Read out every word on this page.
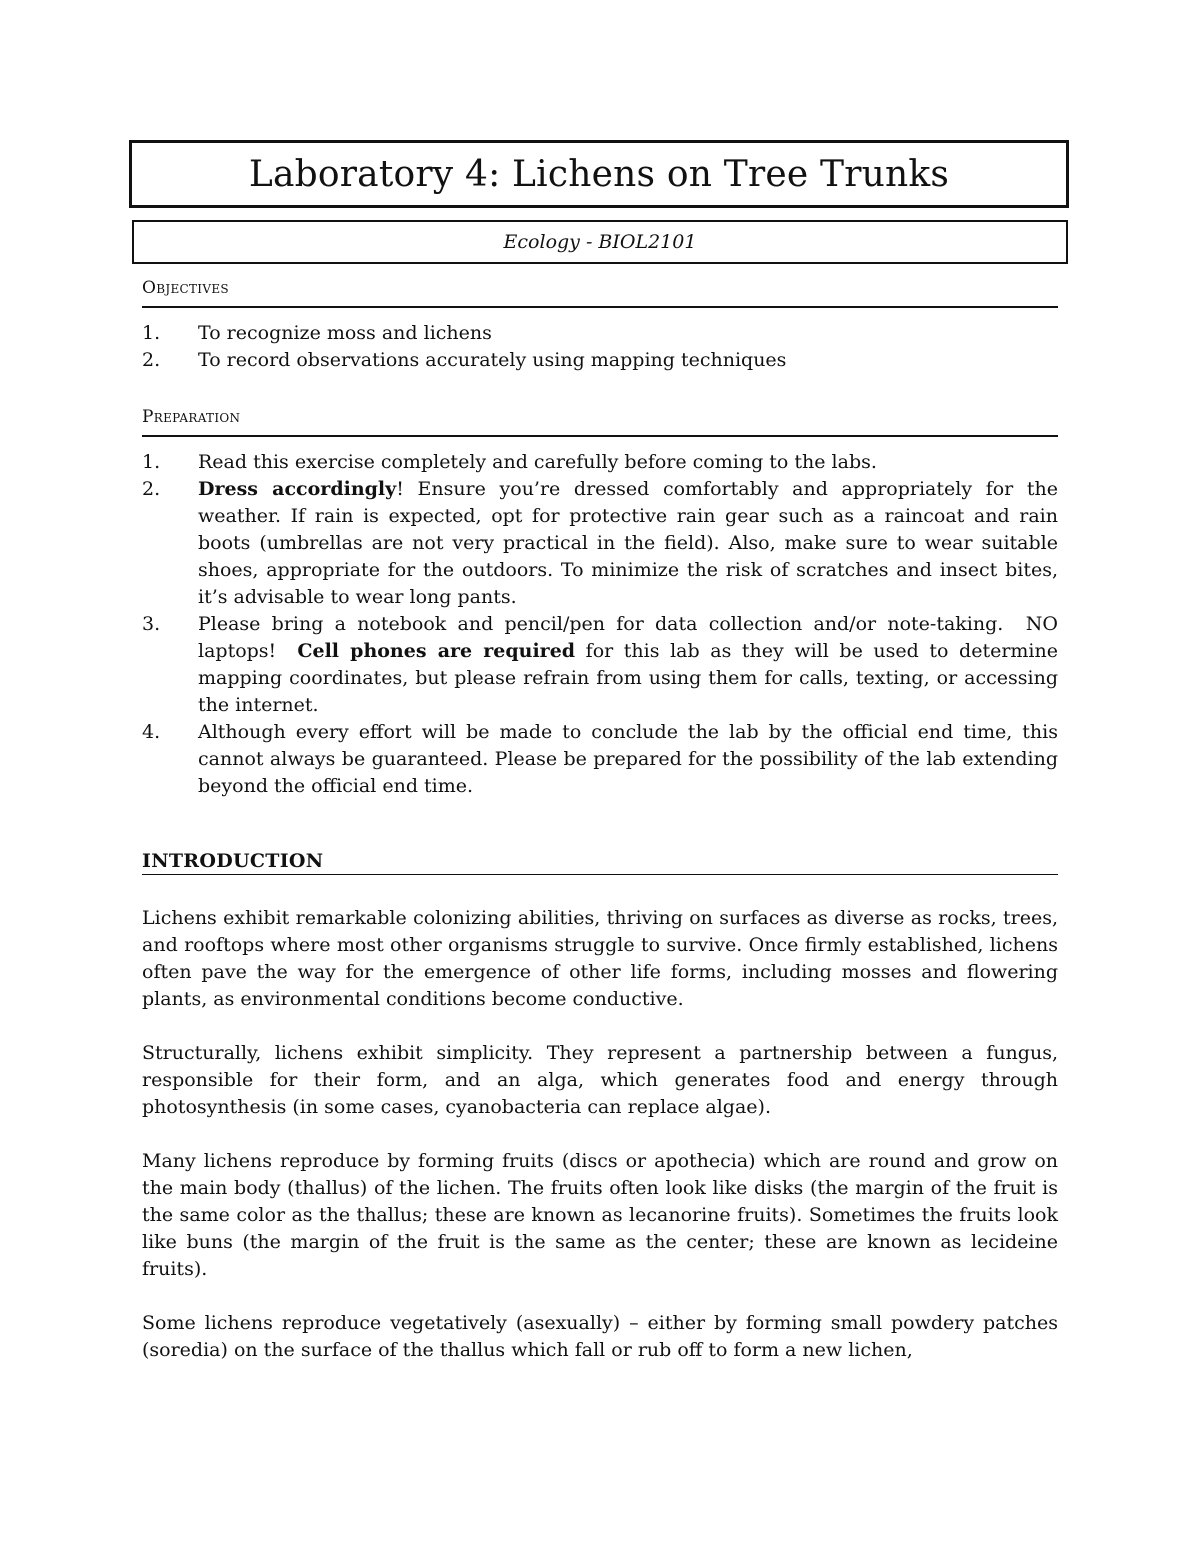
Laboratory 4: Lichens on Tree Trunks
Ecology - BIOL2101
Objectives
1.	To recognize moss and lichens
2.	To record observations accurately using mapping techniques
Preparation
1.	Read this exercise completely and carefully before coming to the labs.
2.	Dress accordingly! Ensure you’re dressed comfortably and appropriately for the weather. If rain is expected, opt for protective rain gear such as a raincoat and rain boots (umbrellas are not very practical in the field). Also, make sure to wear suitable shoes, appropriate for the outdoors. To minimize the risk of scratches and insect bites, it’s advisable to wear long pants.
3.	Please bring a notebook and pencil/pen for data collection and/or note-taking.  NO laptops!  Cell phones are required for this lab as they will be used to determine mapping coordinates, but please refrain from using them for calls, texting, or accessing the internet.
4.	Although every effort will be made to conclude the lab by the official end time, this cannot always be guaranteed. Please be prepared for the possibility of the lab extending beyond the official end time.
INTRODUCTION

Lichens exhibit remarkable colonizing abilities, thriving on surfaces as diverse as rocks, trees, and rooftops where most other organisms struggle to survive. Once firmly established, lichens often pave the way for the emergence of other life forms, including mosses and flowering plants, as environmental conditions become conductive.

Structurally, lichens exhibit simplicity. They represent a partnership between a fungus, responsible for their form, and an alga, which generates food and energy through photosynthesis (in some cases, cyanobacteria can replace algae).

Many lichens reproduce by forming fruits (discs or apothecia) which are round and grow on the main body (thallus) of the lichen. The fruits often look like disks (the margin of the fruit is the same color as the thallus; these are known as lecanorine fruits). Sometimes the fruits look like buns (the margin of the fruit is the same as the center; these are known as lecideine fruits).

Some lichens reproduce vegetatively (asexually) – either by forming small powdery patches (soredia) on the surface of the thallus which fall or rub off to form a new lichen,
